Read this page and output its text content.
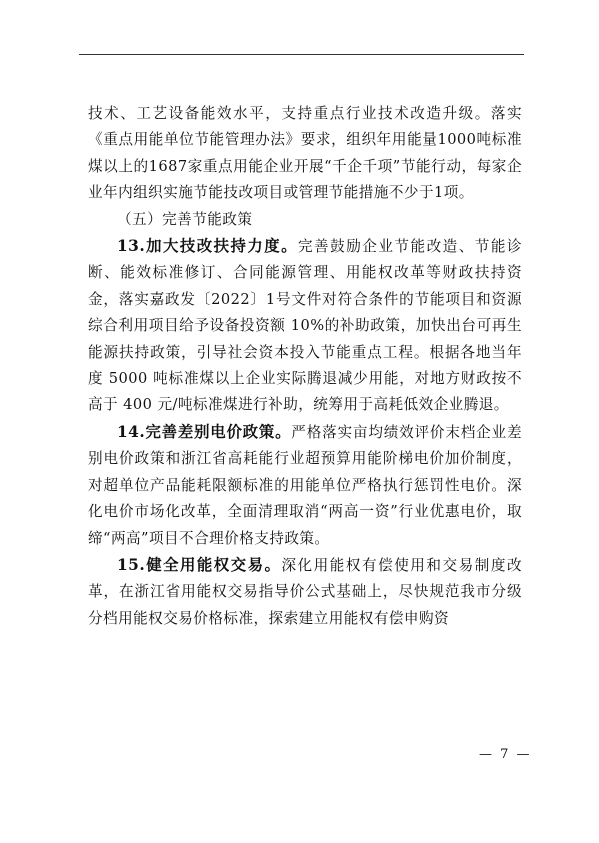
技术、工艺设备能效水平，支持重点行业技术改造升级。落实《重点用能单位节能管理办法》要求，组织年用能量1000吨标准煤以上的1687家重点用能企业开展“千企千项”节能行动，每家企业年内组织实施节能技改项目或管理节能措施不少于1项。

（五）完善节能政策

13.加大技改扶持力度。完善鼓励企业节能改造、节能诊断、能效标准修订、合同能源管理、用能权改革等财政扶持资金，落实嘉政发〔2022〕1号文件对符合条件的节能项目和资源综合利用项目给予设备投资额 10%的补助政策，加快出台可再生能源扶持政策，引导社会资本投入节能重点工程。根据各地当年度 5000 吨标准煤以上企业实际腾退减少用能，对地方财政按不高于 400 元/吨标准煤进行补助，统筹用于高耗低效企业腾退。

14.完善差别电价政策。严格落实亩均绩效评价末档企业差别电价政策和浙江省高耗能行业超预算用能阶梯电价加价制度，对超单位产品能耗限额标准的用能单位严格执行惩罚性电价。深化电价市场化改革，全面清理取消“两高一资”行业优惠电价，取缔“两高”项目不合理价格支持政策。

15.健全用能权交易。深化用能权有偿使用和交易制度改革，在浙江省用能权交易指导价公式基础上，尽快规范我市分级分档用能权交易价格标准，探索建立用能权有偿申购资

— 7 —
